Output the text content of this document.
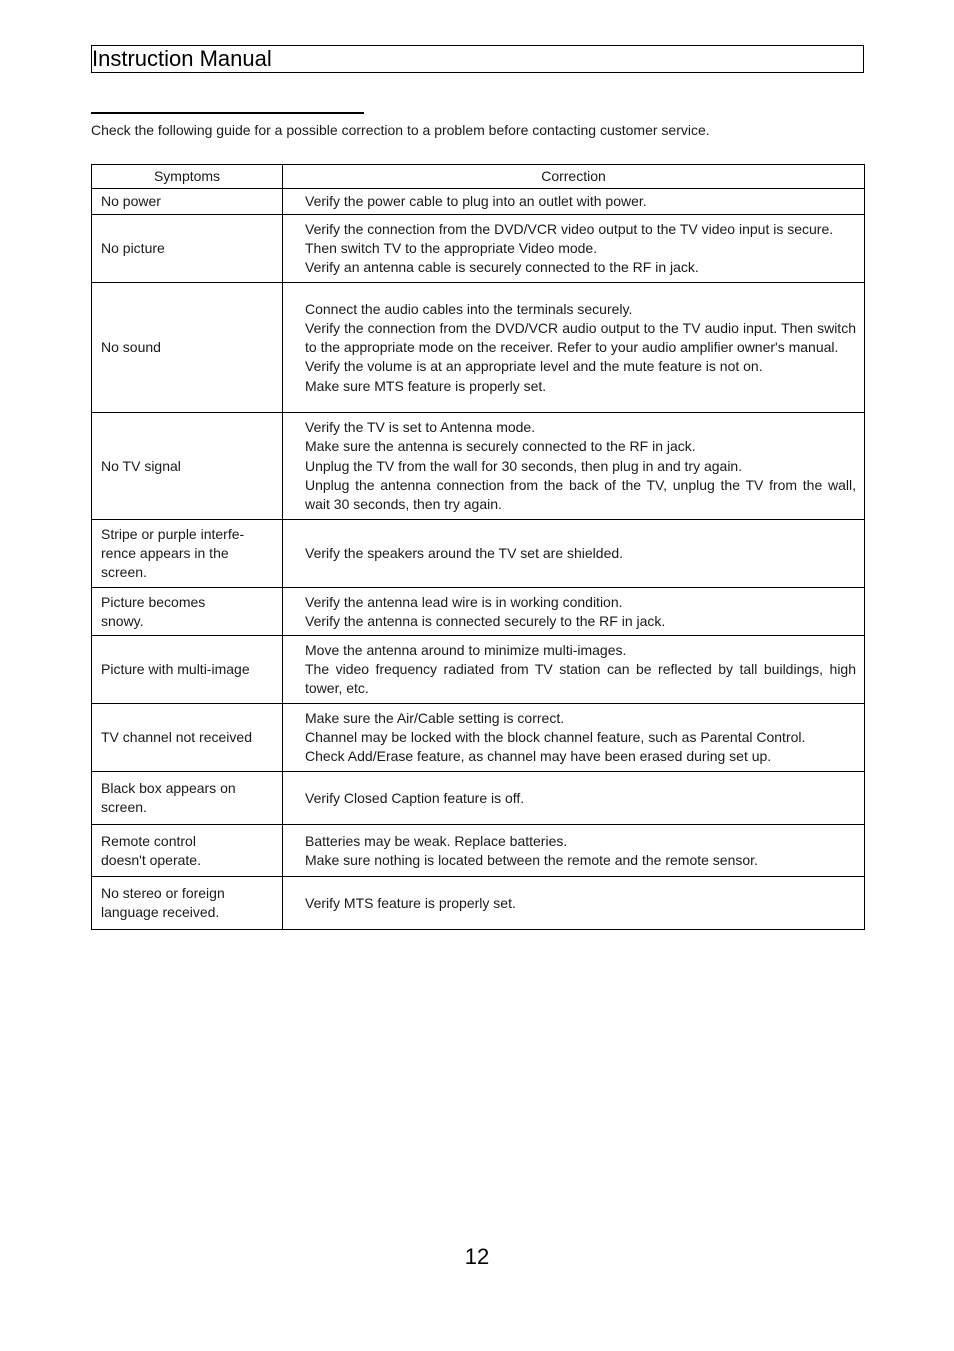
Instruction Manual

Check the following guide for a possible correction to a problem before contacting customer service.

Symptoms	Correction

No power	Verify the power cable to plug into an outlet with power.

No picture	Verify the connection from the DVD/VCR video output to the TV video input is secure.
Then switch TV to the appropriate Video mode.
Verify an antenna cable is securely connected to the RF in jack.

No sound	Connect the audio cables into the terminals securely.
Verify the connection from the DVD/VCR audio output to the TV audio input. Then switch to the appropriate mode on the receiver. Refer to your audio amplifier owner's manual.
Verify the volume is at an appropriate level and the mute feature is not on.
Make sure MTS feature is properly set.

No TV signal	Verify the TV is set to Antenna mode.
Make sure the antenna is securely connected to the RF in jack.
Unplug the TV from the wall for 30 seconds, then plug in and try again.
Unplug the antenna connection from the back of the TV, unplug the TV from the wall, wait 30 seconds, then try again.

Stripe or purple interfe-
rence appears in the
screen.	Verify the speakers around the TV set are shielded.

Picture becomes
snowy.	Verify the antenna lead wire is in working condition.
Verify the antenna is connected securely to the RF in jack.

Picture with multi-image	Move the antenna around to minimize multi-images.
The video frequency radiated from TV station can be reflected by tall buildings, high tower, etc.

TV channel not received	Make sure the Air/Cable setting is correct.
Channel may be locked with the block channel feature, such as Parental Control.
Check Add/Erase feature, as channel may have been erased during set up.

Black box appears on
screen.	Verify Closed Caption feature is off.

Remote control
doesn't operate.	Batteries may be weak. Replace batteries.
Make sure nothing is located between the remote and the remote sensor.

No stereo or foreign
language received.	Verify MTS feature is properly set.
12
